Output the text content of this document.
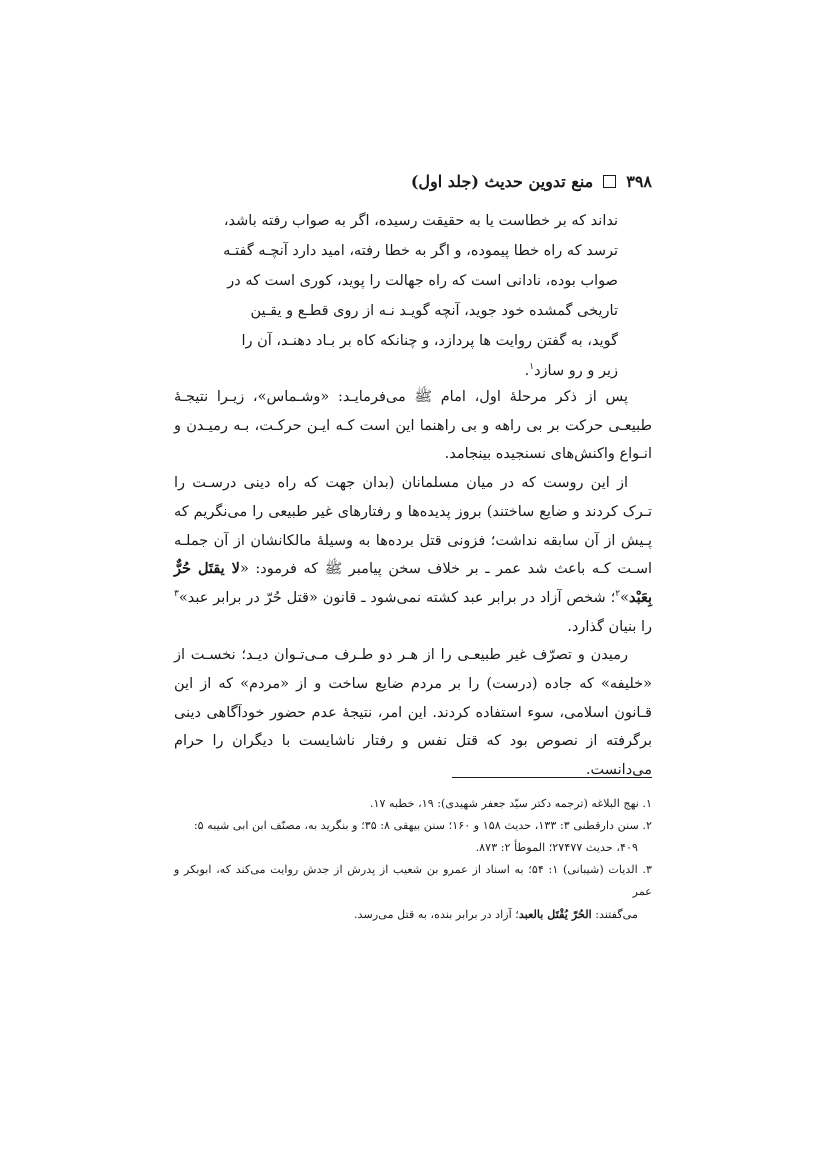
۳۹۸
منع تدوین حدیث (جلد اول)

نداند که بر خطاست یا به حقیقت رسیده، اگر به صواب رفته باشد،

ترسد که راه خطا پیموده، و اگر به خطا رفته، امید دارد آنچـه گفتـه

صواب بوده، نادانی است که راه جهالت را پوید، کوری است که در

تاریخی گمشده خود جوید، آنچه گویـد نـه از روی قطـع و یقـین

گوید، به گفتن روایت ها پردازد، و چنانکه کاه بر بـاد دهنـد، آن را

زیر و رو سازد$^۱$.

پس از ذکر مرحلهٔ اول، امام ﷺ می‌فرمایـد: «وشـماس»، زیـرا نتیجـهٔ طبیعـی حرکت بر بی راهه و بی راهنما این است کـه ایـن حرکـت، بـه رمیـدن و انـواع واکنش‌های نسنجیده بینجامد.

از این روست که در میان مسلمانان (بدان جهت که راه دینی درسـت را تـرک کردند و ضایع ساختند) بروز پدیده‌ها و رفتارهای غیر طبیعی را می‌نگریم که پـیش از آن سابقه نداشت؛ فزونی قتل برده‌ها به وسیلهٔ مالکانشان از آن جملـه اسـت کـه باعث شد عمر ـ بر خلاف سخن پیامبر ﷺ که فرمود: «لا یقتَل حُرٌّ بِعَبْد»$^۲$؛ شخص آزاد در برابر عبد کشته نمی‌شود ـ قانون «قتل حُرّ در برابر عبد»$^۳$ را بنیان گذارد.

رمیدن و تصرّف غیر طبیعـی را از هـر دو طـرف مـی‌تـوان دیـد؛ نخسـت از «خلیفه» که جاده (درست) را بر مردم ضایع ساخت و از «مردم» که از این قـانون اسلامی، سوء استفاده کردند. این امر، نتیجهٔ عدم حضور خودآگاهی دینی برگرفته از نصوص بود که قتل نفس و رفتار ناشایست با دیگران را حرام می‌دانست.

۱. نهج البلاغه (ترجمه دکتر سیّد جعفر شهیدی): ۱۹، خطبه ۱۷.

۲. سنن دارقطنی ۳: ۱۳۳، حدیث ۱۵۸ و ۱۶۰؛ سنن بیهقی ۸: ۳۵؛ و بنگرید به، مصنّف ابن ابی شیبه ۵:
۴۰۹، حدیث ۲۷۴۷۷؛ الموطأ ۲: ۸۷۳.

۳. الدیات (شیبانی) ۱: ۵۴؛ به اسناد از عمرو بن شعیب از پدرش از جدش روایت می‌کند که، ابوبکر و عمر
می‌گفتند: الحُرّ یُقْتَل بالعبد؛ آزاد در برابر بنده، به قتل می‌رسد.
